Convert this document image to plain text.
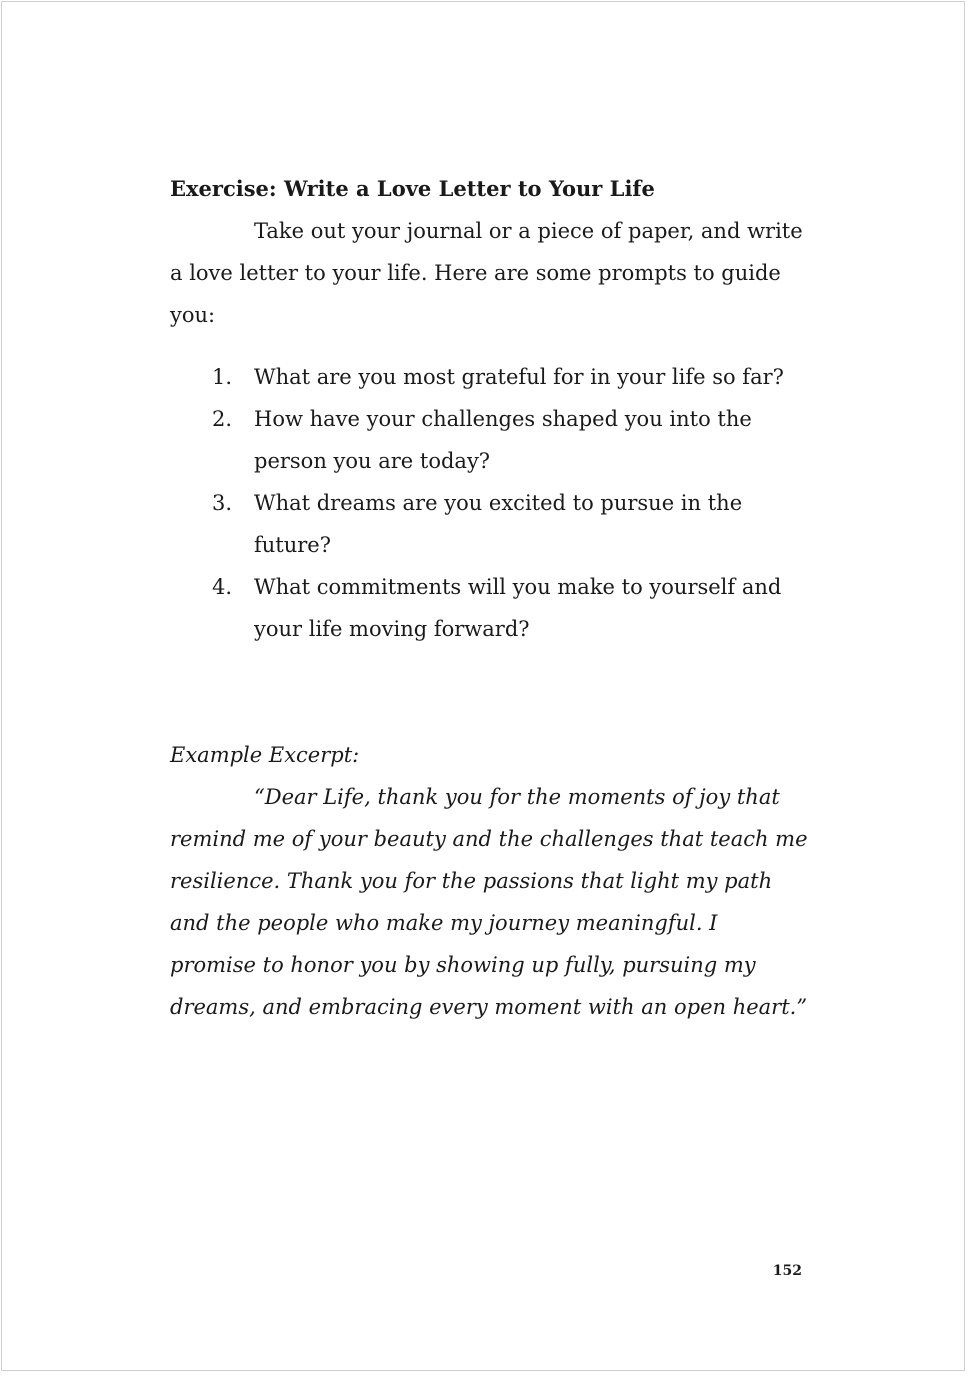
Exercise: Write a Love Letter to Your Life

Take out your journal or a piece of paper, and write a love letter to your life. Here are some prompts to guide you:

1. What are you most grateful for in your life so far?
2. How have your challenges shaped you into the person you are today?
3. What dreams are you excited to pursue in the future?
4. What commitments will you make to yourself and your life moving forward?

Example Excerpt:

“Dear Life, thank you for the moments of joy that remind me of your beauty and the challenges that teach me resilience. Thank you for the passions that light my path and the people who make my journey meaningful. I promise to honor you by showing up fully, pursuing my dreams, and embracing every moment with an open heart.”

152
